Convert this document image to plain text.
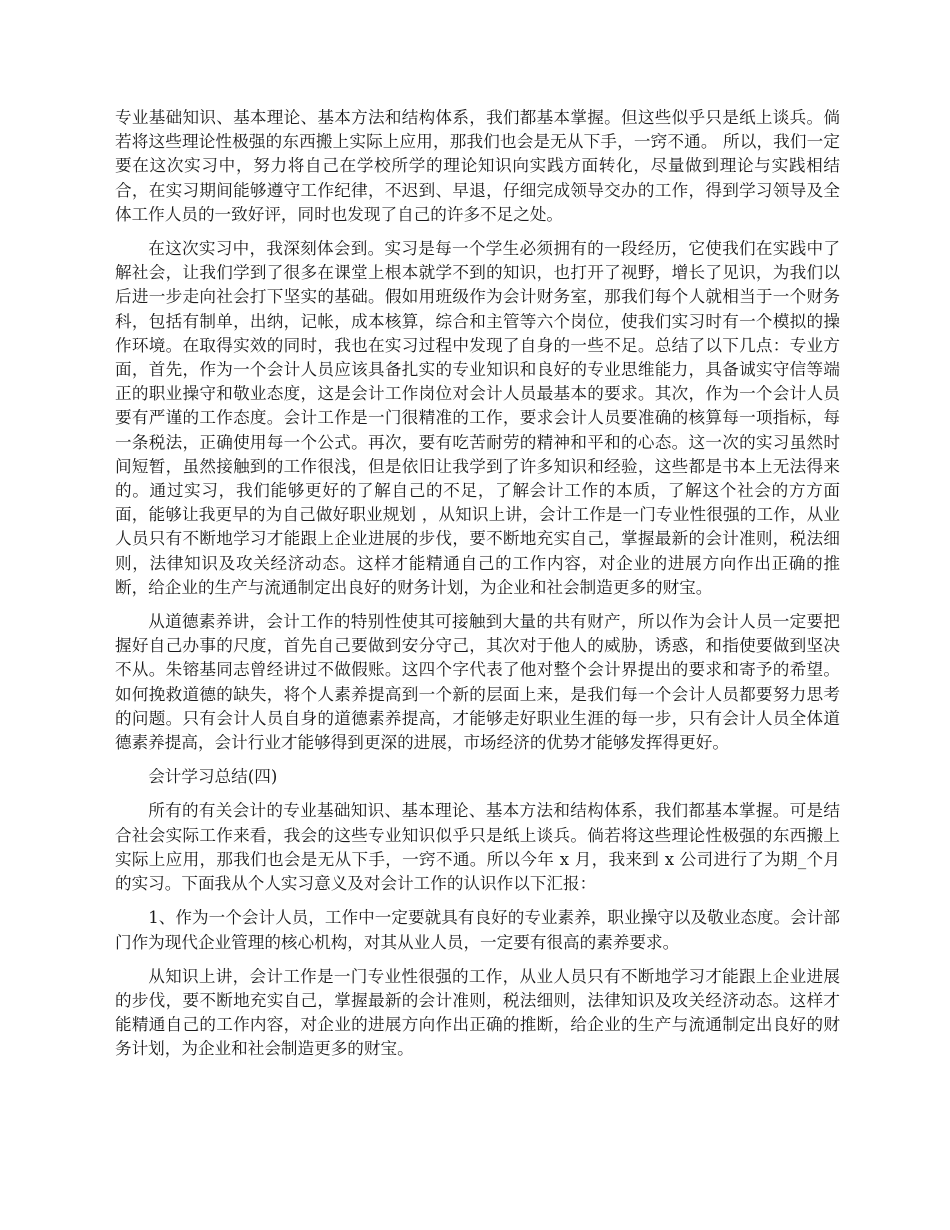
专业基础知识、基本理论、基本方法和结构体系，我们都基本掌握。但这些似乎只是纸上谈兵。倘若将这些理论性极强的东西搬上实际上应用，那我们也会是无从下手，一窍不通。 所以，我们一定要在这次实习中，努力将自己在学校所学的理论知识向实践方面转化，尽量做到理论与实践相结合，在实习期间能够遵守工作纪律，不迟到、早退，仔细完成领导交办的工作，得到学习领导及全体工作人员的一致好评，同时也发现了自己的许多不足之处。

在这次实习中，我深刻体会到。实习是每一个学生必须拥有的一段经历，它使我们在实践中了解社会，让我们学到了很多在课堂上根本就学不到的知识，也打开了视野，增长了见识，为我们以后进一步走向社会打下坚实的基础。假如用班级作为会计财务室，那我们每个人就相当于一个财务科，包括有制单，出纳，记帐，成本核算，综合和主管等六个岗位，使我们实习时有一个模拟的操作环境。在取得实效的同时，我也在实习过程中发现了自身的一些不足。总结了以下几点：专业方面，首先，作为一个会计人员应该具备扎实的专业知识和良好的专业思维能力，具备诚实守信等端正的职业操守和敬业态度，这是会计工作岗位对会计人员最基本的要求。其次，作为一个会计人员要有严谨的工作态度。会计工作是一门很精准的工作，要求会计人员要准确的核算每一项指标，每一条税法，正确使用每一个公式。再次，要有吃苦耐劳的精神和平和的心态。这一次的实习虽然时间短暂，虽然接触到的工作很浅，但是依旧让我学到了许多知识和经验，这些都是书本上无法得来的。通过实习，我们能够更好的了解自己的不足，了解会计工作的本质，了解这个社会的方方面面，能够让我更早的为自己做好职业规划 ，从知识上讲，会计工作是一门专业性很强的工作，从业人员只有不断地学习才能跟上企业进展的步伐，要不断地充实自己，掌握最新的会计准则，税法细则，法律知识及攻关经济动态。这样才能精通自己的工作内容，对企业的进展方向作出正确的推断，给企业的生产与流通制定出良好的财务计划，为企业和社会制造更多的财宝。

从道德素养讲，会计工作的特别性使其可接触到大量的共有财产，所以作为会计人员一定要把握好自己办事的尺度，首先自己要做到安分守己，其次对于他人的威胁，诱惑，和指使要做到坚决不从。朱镕基同志曾经讲过不做假账。这四个字代表了他对整个会计界提出的要求和寄予的希望。如何挽救道德的缺失，将个人素养提高到一个新的层面上来，是我们每一个会计人员都要努力思考的问题。只有会计人员自身的道德素养提高，才能够走好职业生涯的每一步，只有会计人员全体道德素养提高，会计行业才能够得到更深的进展，市场经济的优势才能够发挥得更好。

会计学习总结(四)

所有的有关会计的专业基础知识、基本理论、基本方法和结构体系，我们都基本掌握。可是结合社会实际工作来看，我会的这些专业知识似乎只是纸上谈兵。倘若将这些理论性极强的东西搬上实际上应用，那我们也会是无从下手，一窍不通。所以今年 x 月，我来到 x 公司进行了为期_个月的实习。下面我从个人实习意义及对会计工作的认识作以下汇报：

1、作为一个会计人员，工作中一定要就具有良好的专业素养，职业操守以及敬业态度。会计部门作为现代企业管理的核心机构，对其从业人员，一定要有很高的素养要求。

从知识上讲，会计工作是一门专业性很强的工作，从业人员只有不断地学习才能跟上企业进展的步伐，要不断地充实自己，掌握最新的会计准则，税法细则，法律知识及攻关经济动态。这样才能精通自己的工作内容，对企业的进展方向作出正确的推断，给企业的生产与流通制定出良好的财务计划，为企业和社会制造更多的财宝。
